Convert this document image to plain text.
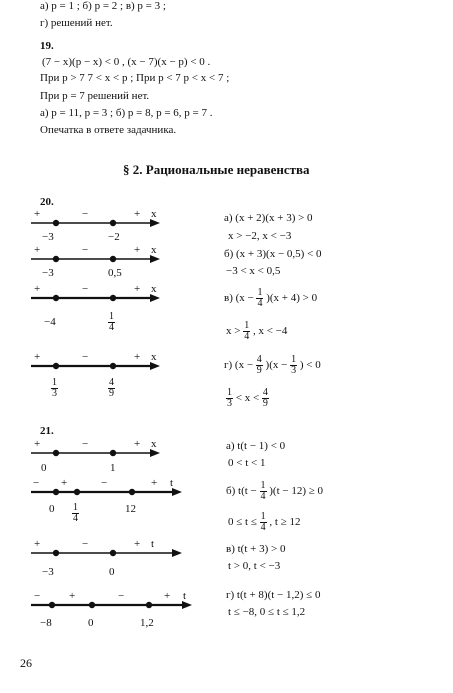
а) p = 1 ; б) p = 2 ; в) p = 3 ;
г) решений нет.
19.
(7 − x)(p − x) < 0 , (x − 7)(x − p) < 0 .
При p > 7 7 < x < p ; При p < 7 p < x < 7 ;
При p = 7 решений нет.
а) p = 11, p = 3 ; б) p = 8, p = 6, p = 7 .
Опечатка в ответе задачника.
§ 2. Рациональные неравенства
20.
+	−	+ x
−3	−2
+	−	+ x
−3	0,5
+	−	+ x
−4	$\frac{1}{4}$
+	−	+ x
$\frac{1}{3}$	$\frac{4}{9}$
а) (x + 2)(x + 3) > 0
x > −2, x < −3
б) (x + 3)(x − 0,5) < 0
−3 < x < 0,5
в) $(x - \frac{1}{4} )(x + 4) > 0$
$x > \frac{1}{4}$ , x < −4
г) $(x - \frac{4}{9} )(x - \frac{1}{3}$ ) < 0
$\frac{1}{3} < x < \frac{4}{9}$
21.
+	−	+ x
0	1
− +	−	+ t
$0 \frac{1}{4}$	12
+	−	+ t
−3	0
−	+	−	+ t
−8	0	1,2
а) t(t − 1) < 0
0 < t < 1
б) $t(t - \frac{1}{4} )(t - 12) \ge 0$
$0 \le t \le \frac{1}{4}$ , t ≥ 12
в) t(t + 3) > 0
t > 0, t < −3
г) t(t + 8)(t − 1,2) ≤ 0
t ≤ −8, 0 ≤ t ≤ 1,2
26
